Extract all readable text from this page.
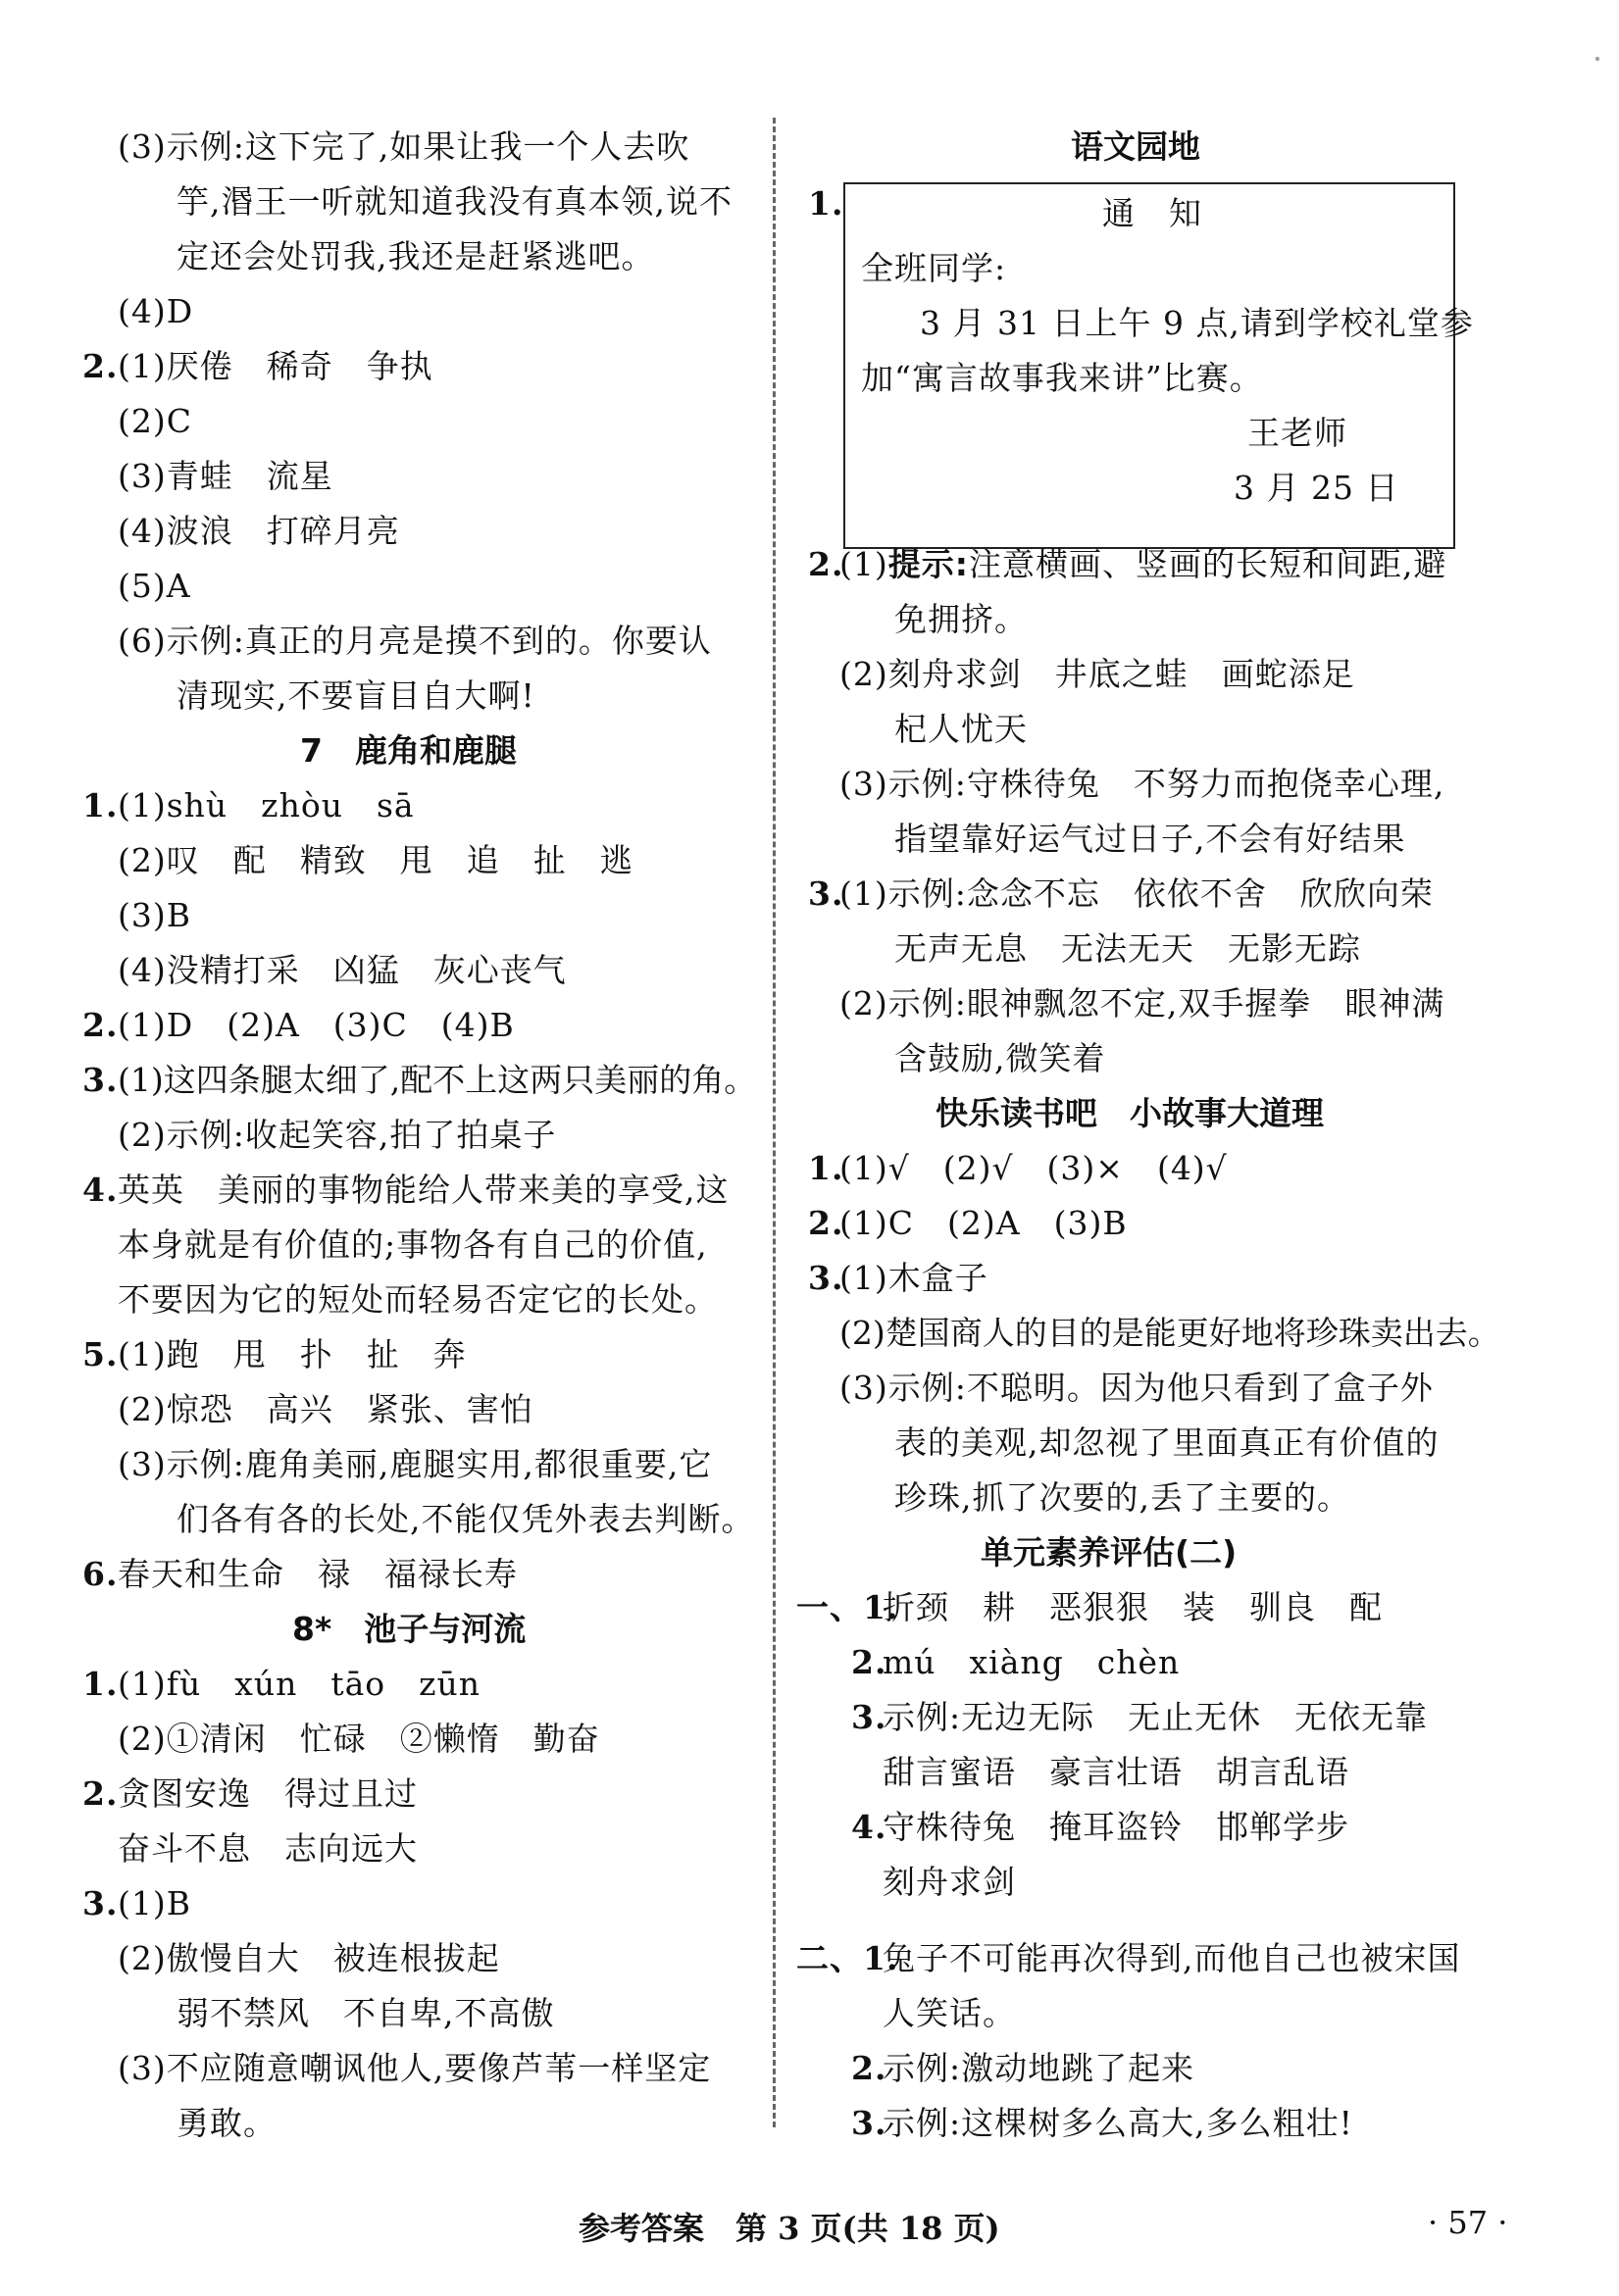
(3)示例:这下完了,如果让我一个人去吹
竽,湣王一听就知道我没有真本领,说不
定还会处罚我,我还是赶紧逃吧。
(4)D
2. (1)厌倦　稀奇　争执
(2)C
(3)青蛙　流星
(4)波浪　打碎月亮
(5)A
(6)示例:真正的月亮是摸不到的。你要认
清现实,不要盲目自大啊!
7　鹿角和鹿腿
1. (1)shù　zhòu　sā
(2)叹　配　精致　甩　追　扯　逃
(3)B
(4)没精打采　凶猛　灰心丧气
2. (1)D　(2)A　(3)C　(4)B
3. (1)这四条腿太细了,配不上这两只美丽的角。
(2)示例:收起笑容,拍了拍桌子
4. 英英　美丽的事物能给人带来美的享受,这
本身就是有价值的;事物各有自己的价值,
不要因为它的短处而轻易否定它的长处。
5. (1)跑　甩　扑　扯　奔
(2)惊恐　高兴　紧张、害怕
(3)示例:鹿角美丽,鹿腿实用,都很重要,它
们各有各的长处,不能仅凭外表去判断。
6. 春天和生命　禄　福禄长寿
8*　池子与河流
1. (1)fù　xún　tāo　zūn
(2)①清闲　忙碌　②懒惰　勤奋
2. 贪图安逸　得过且过
奋斗不息　志向远大
3. (1)B
(2)傲慢自大　被连根拔起
弱不禁风　不自卑,不高傲
(3)不应随意嘲讽他人,要像芦苇一样坚定
勇敢。
语文园地
1.	通　知
全班同学:
3 月 31 日上午 9 点,请到学校礼堂参
加“寓言故事我来讲”比赛。
王老师
3 月 25 日
2.
(1)提示:注意横画、竖画的长短和间距,避
免拥挤。
(2)刻舟求剑　井底之蛙　画蛇添足
杞人忧天
(3)示例:守株待兔　不努力而抱侥幸心理,
指望靠好运气过日子,不会有好结果
3.
(1)示例:念念不忘　依依不舍　欣欣向荣
无声无息　无法无天　无影无踪
(2)示例:眼神飘忽不定,双手握拳　眼神满
含鼓励,微笑着
快乐读书吧　小故事大道理
1.
(1)√　(2)√　(3)×　(4)√
2.
(1)C　(2)A　(3)B
3.
(1)木盒子
(2)楚国商人的目的是能更好地将珍珠卖出去。
(3)示例:不聪明。因为他只看到了盒子外
表的美观,却忽视了里面真正有价值的
珍珠,抓了次要的,丢了主要的。
单元素养评估(二)
一、1.
折颈　耕　恶狠狠　装　驯良　配
2.
mú　xiàng　chèn
3.
示例:无边无际　无止无休　无依无靠
甜言蜜语　豪言壮语　胡言乱语
4.
守株待兔　掩耳盗铃　邯郸学步
刻舟求剑
二、1.
兔子不可能再次得到,而他自己也被宋国
人笑话。
2.
示例:激动地跳了起来
3.
示例:这棵树多么高大,多么粗壮!
参考答案　第 3 页(共 18 页)	· 57 ·
